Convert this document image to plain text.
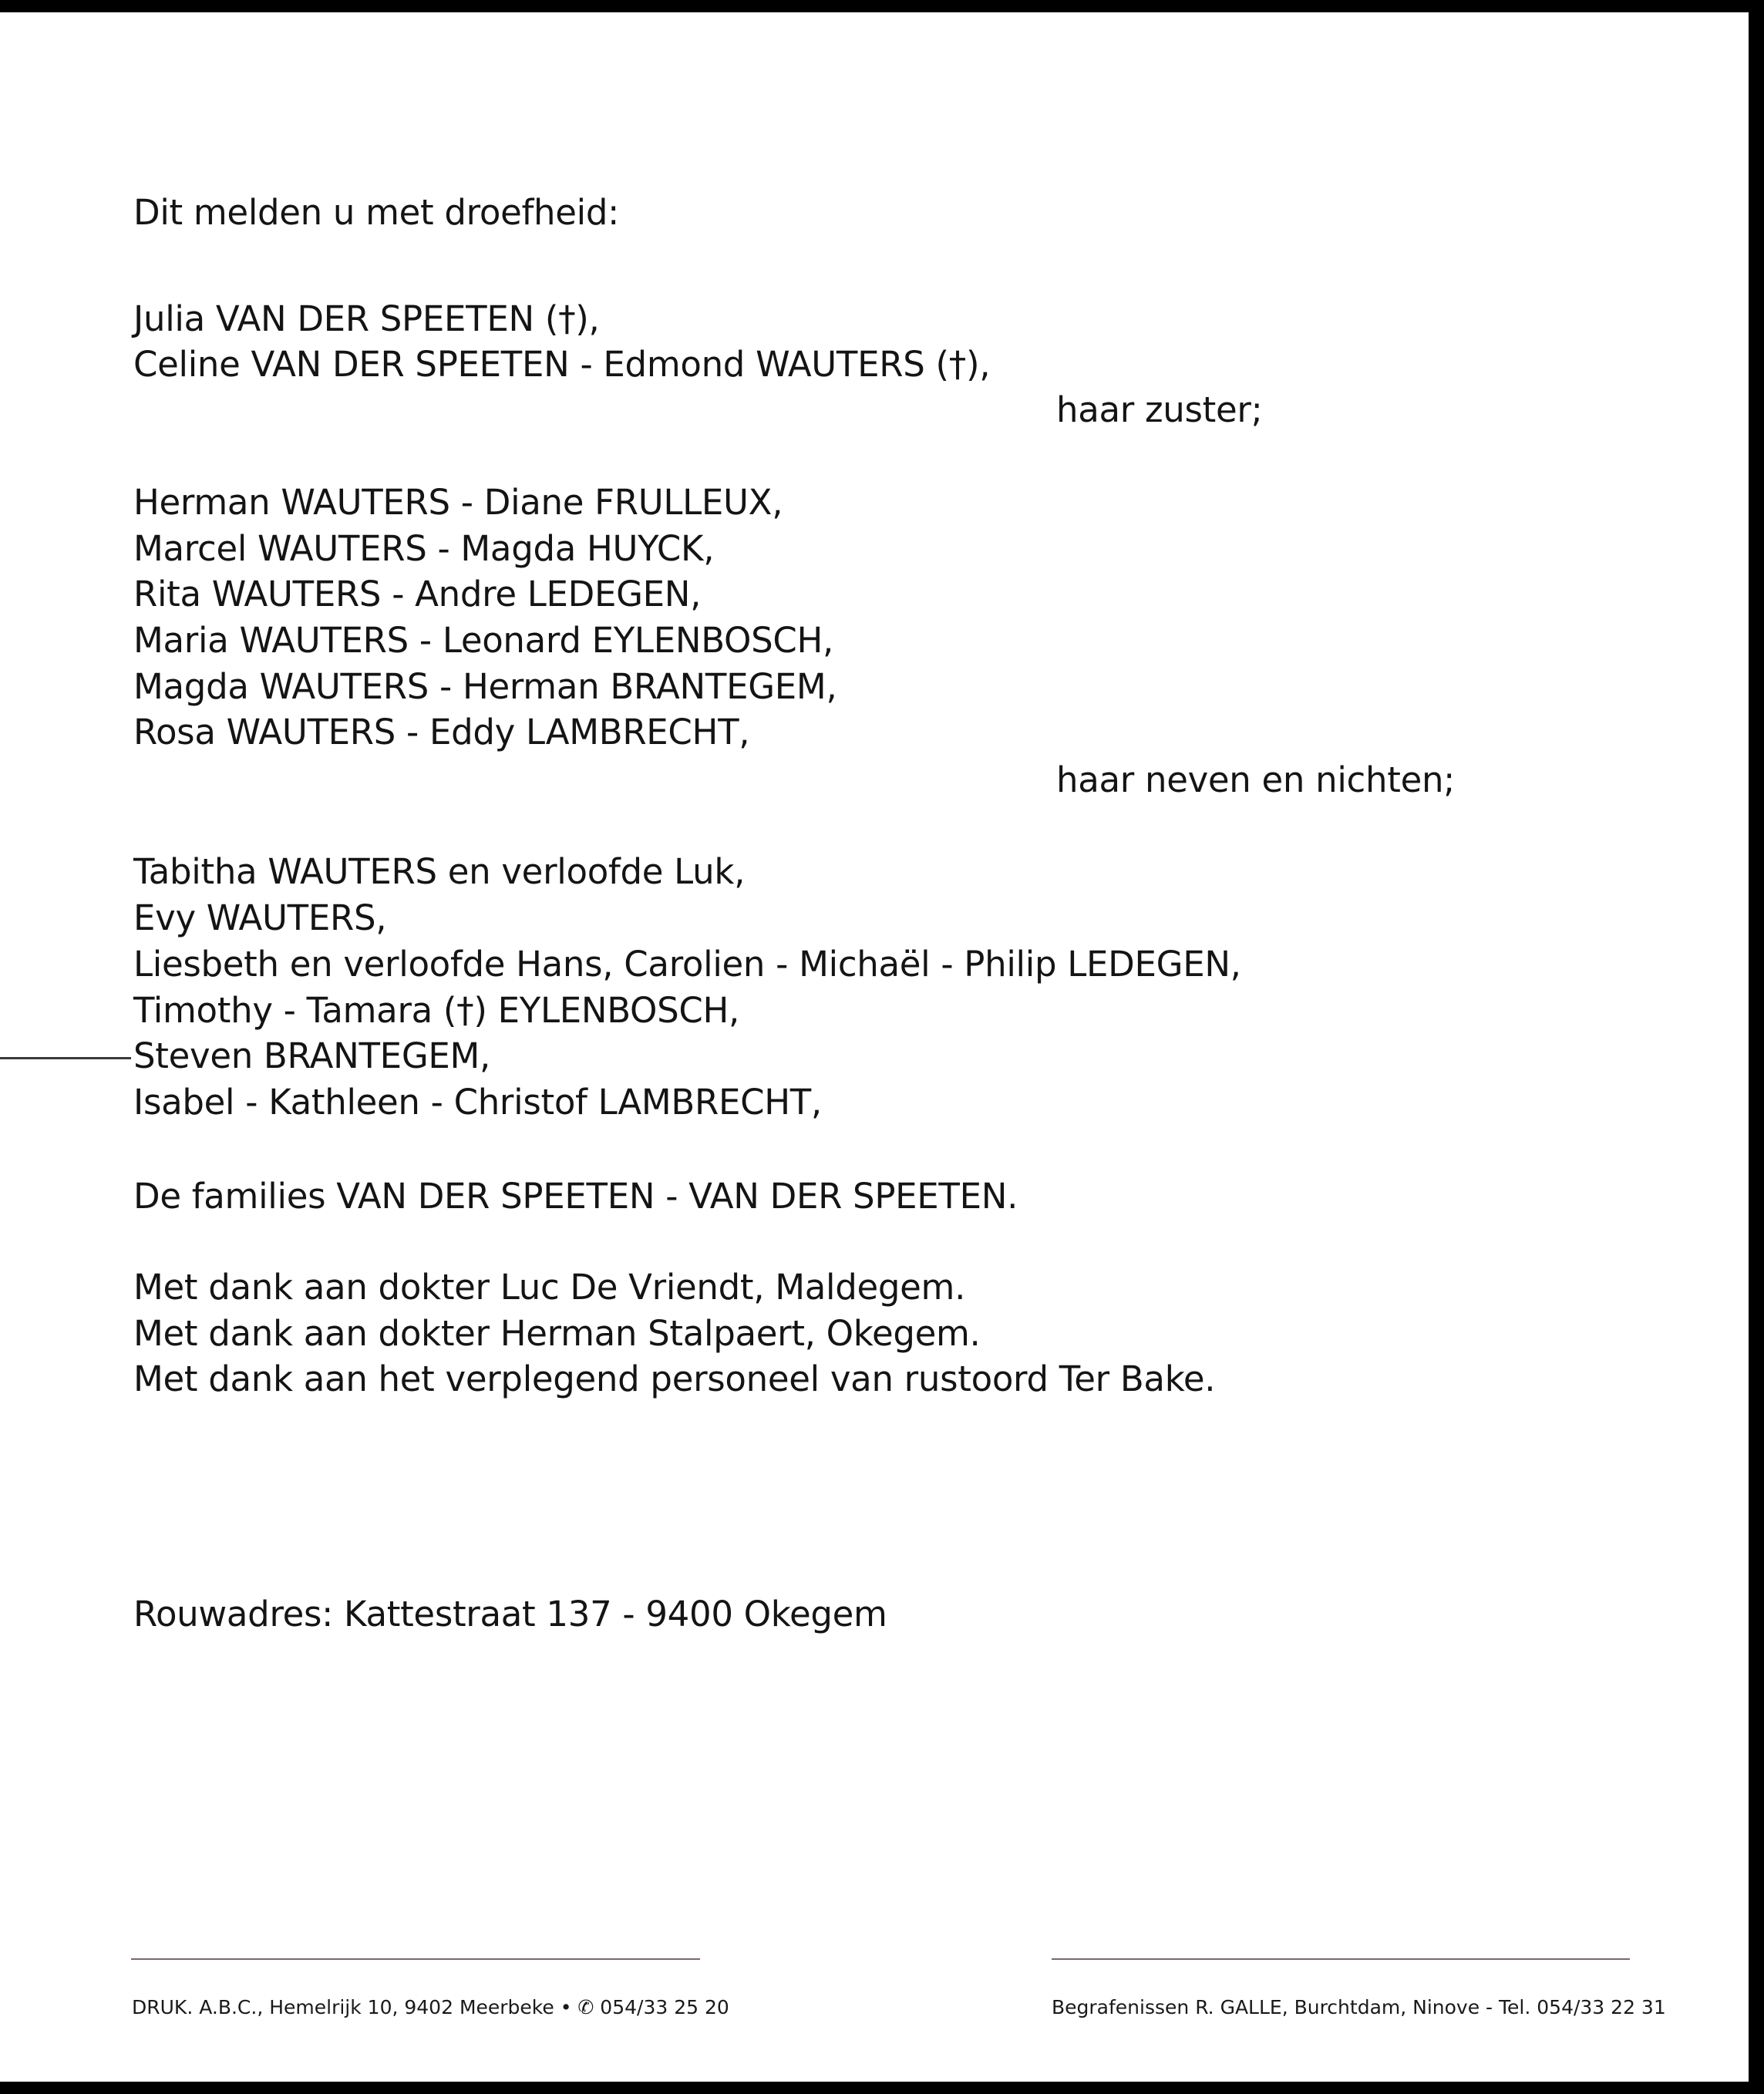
Dit melden u met droefheid:
Julia VAN DER SPEETEN (†),
Celine VAN DER SPEETEN - Edmond WAUTERS (†),
haar zuster;
Herman WAUTERS - Diane FRULLEUX,
Marcel WAUTERS - Magda HUYCK,
Rita WAUTERS - Andre LEDEGEN,
Maria WAUTERS - Leonard EYLENBOSCH,
Magda WAUTERS - Herman BRANTEGEM,
Rosa WAUTERS - Eddy LAMBRECHT,
haar neven en nichten;
Tabitha WAUTERS en verloofde Luk,
Evy WAUTERS,
Liesbeth en verloofde Hans, Carolien - Michaël - Philip LEDEGEN,
Timothy - Tamara (†) EYLENBOSCH,
Steven BRANTEGEM,
Isabel - Kathleen - Christof LAMBRECHT,
De families VAN DER SPEETEN - VAN DER SPEETEN.
Met dank aan dokter Luc De Vriendt, Maldegem.
Met dank aan dokter Herman Stalpaert, Okegem.
Met dank aan het verplegend personeel van rustoord Ter Bake.
Rouwadres: Kattestraat 137 - 9400 Okegem
DRUK. A.B.C., Hemelrijk 10, 9402 Meerbeke • ✆ 054/33 25 20	Begrafenissen R. GALLE, Burchtdam, Ninove - Tel. 054/33 22 31
